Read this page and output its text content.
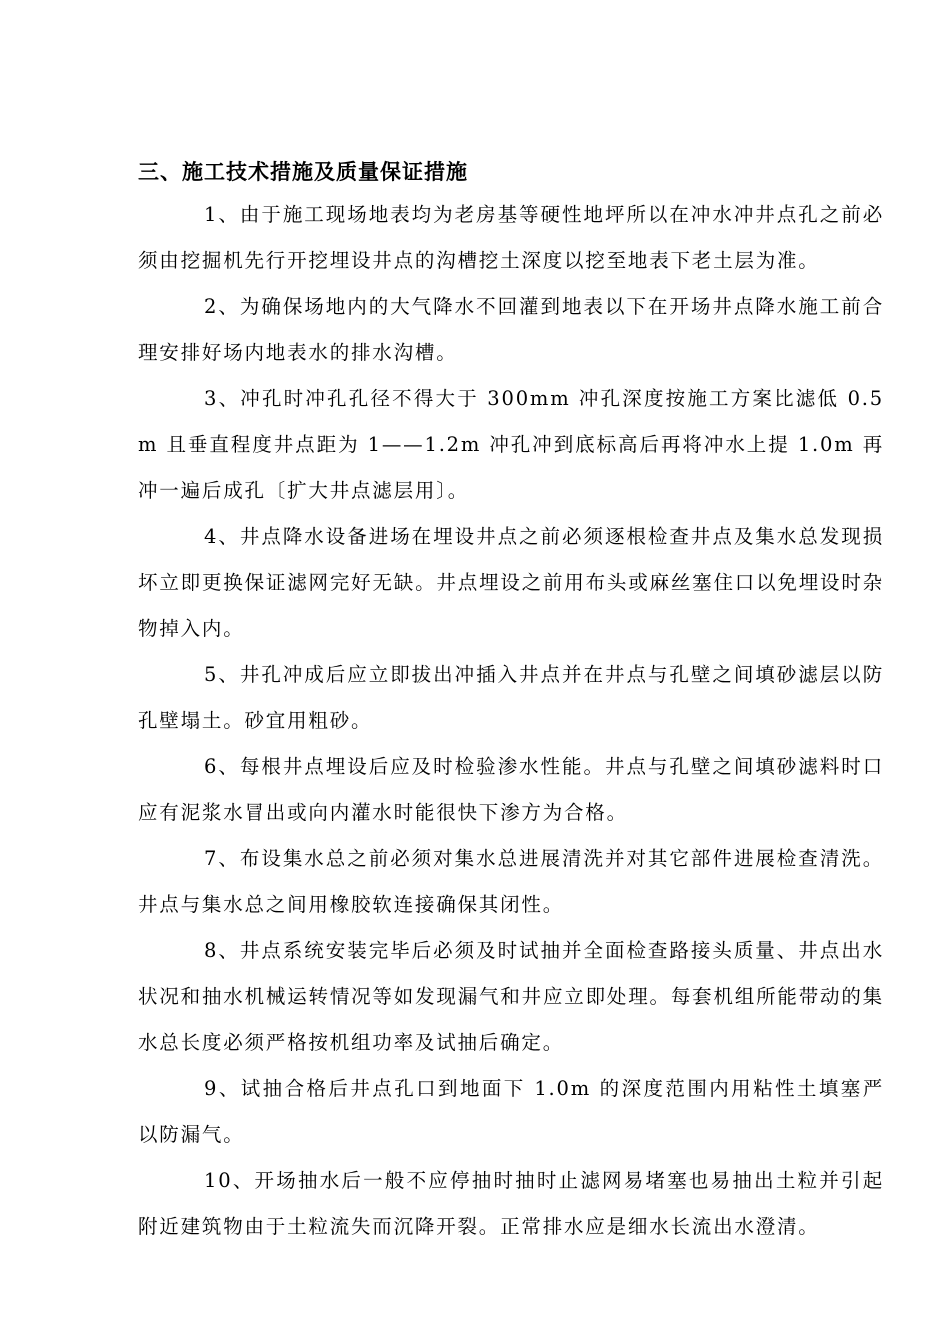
三、施工技术措施及质量保证措施

1、由于施工现场地表均为老房基等硬性地坪所以在冲水冲井点孔之前必须由挖掘机先行开挖埋设井点的沟槽挖土深度以挖至地表下老土层为准。

2、为确保场地内的大气降水不回灌到地表以下在开场井点降水施工前合理安排好场内地表水的排水沟槽。

3、冲孔时冲孔孔径不得大于 300mm 冲孔深度按施工方案比滤低 0.5m 且垂直程度井点距为 1——1.2m 冲孔冲到底标高后再将冲水上提 1.0m 再冲一遍后成孔〔扩大井点滤层用〕。

4、井点降水设备进场在埋设井点之前必须逐根检查井点及集水总发现损坏立即更换保证滤网完好无缺。井点埋设之前用布头或麻丝塞住口以免埋设时杂物掉入内。

5、井孔冲成后应立即拔出冲插入井点并在井点与孔壁之间填砂滤层以防孔壁塌土。砂宜用粗砂。

6、每根井点埋设后应及时检验渗水性能。井点与孔壁之间填砂滤料时口应有泥浆水冒出或向内灌水时能很快下渗方为合格。

7、布设集水总之前必须对集水总进展清洗并对其它部件进展检查清洗。井点与集水总之间用橡胶软连接确保其闭性。

8、井点系统安装完毕后必须及时试抽并全面检查路接头质量、井点出水状况和抽水机械运转情况等如发现漏气和井应立即处理。每套机组所能带动的集水总长度必须严格按机组功率及试抽后确定。

9、试抽合格后井点孔口到地面下 1.0m 的深度范围内用粘性土填塞严以防漏气。

10、开场抽水后一般不应停抽时抽时止滤网易堵塞也易抽出土粒并引起附近建筑物由于土粒流失而沉降开裂。正常排水应是细水长流出水澄清。
